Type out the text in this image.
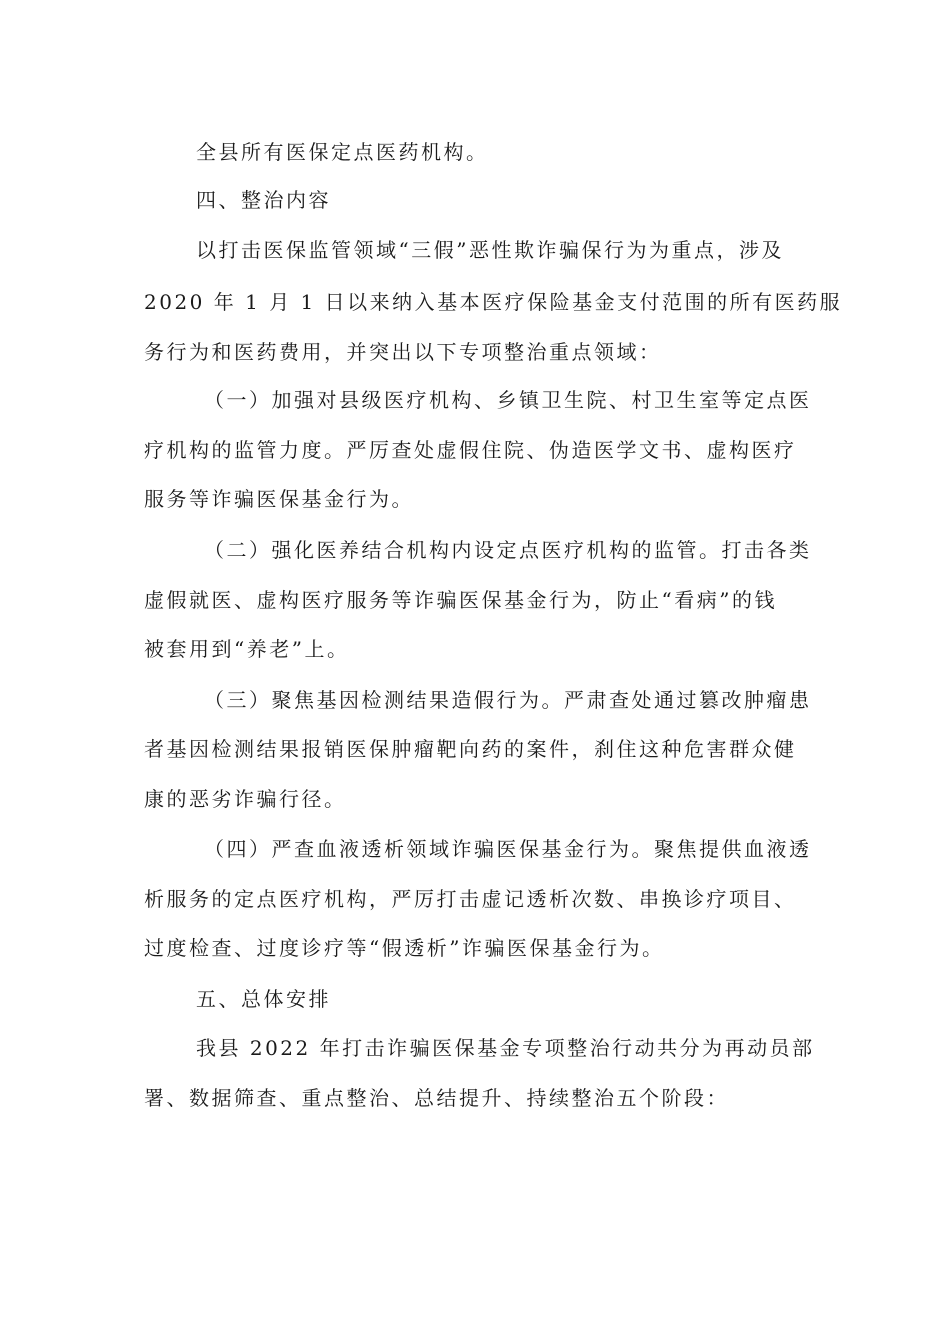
全县所有医保定点医药机构。
四、整治内容
以打击医保监管领域“三假”恶性欺诈骗保行为为重点，涉及
2020 年 1 月 1 日以来纳入基本医疗保险基金支付范围的所有医药服
务行为和医药费用，并突出以下专项整治重点领域：
（一）加强对县级医疗机构、乡镇卫生院、村卫生室等定点医
疗机构的监管力度。严厉查处虚假住院、伪造医学文书、虚构医疗
服务等诈骗医保基金行为。
（二）强化医养结合机构内设定点医疗机构的监管。打击各类
虚假就医、虚构医疗服务等诈骗医保基金行为，防止“看病”的钱
被套用到“养老”上。
（三）聚焦基因检测结果造假行为。严肃查处通过篡改肿瘤患
者基因检测结果报销医保肿瘤靶向药的案件，刹住这种危害群众健
康的恶劣诈骗行径。
（四）严查血液透析领域诈骗医保基金行为。聚焦提供血液透
析服务的定点医疗机构，严厉打击虚记透析次数、串换诊疗项目、
过度检查、过度诊疗等“假透析”诈骗医保基金行为。
五、总体安排
我县 2022 年打击诈骗医保基金专项整治行动共分为再动员部
署、数据筛查、重点整治、总结提升、持续整治五个阶段：
